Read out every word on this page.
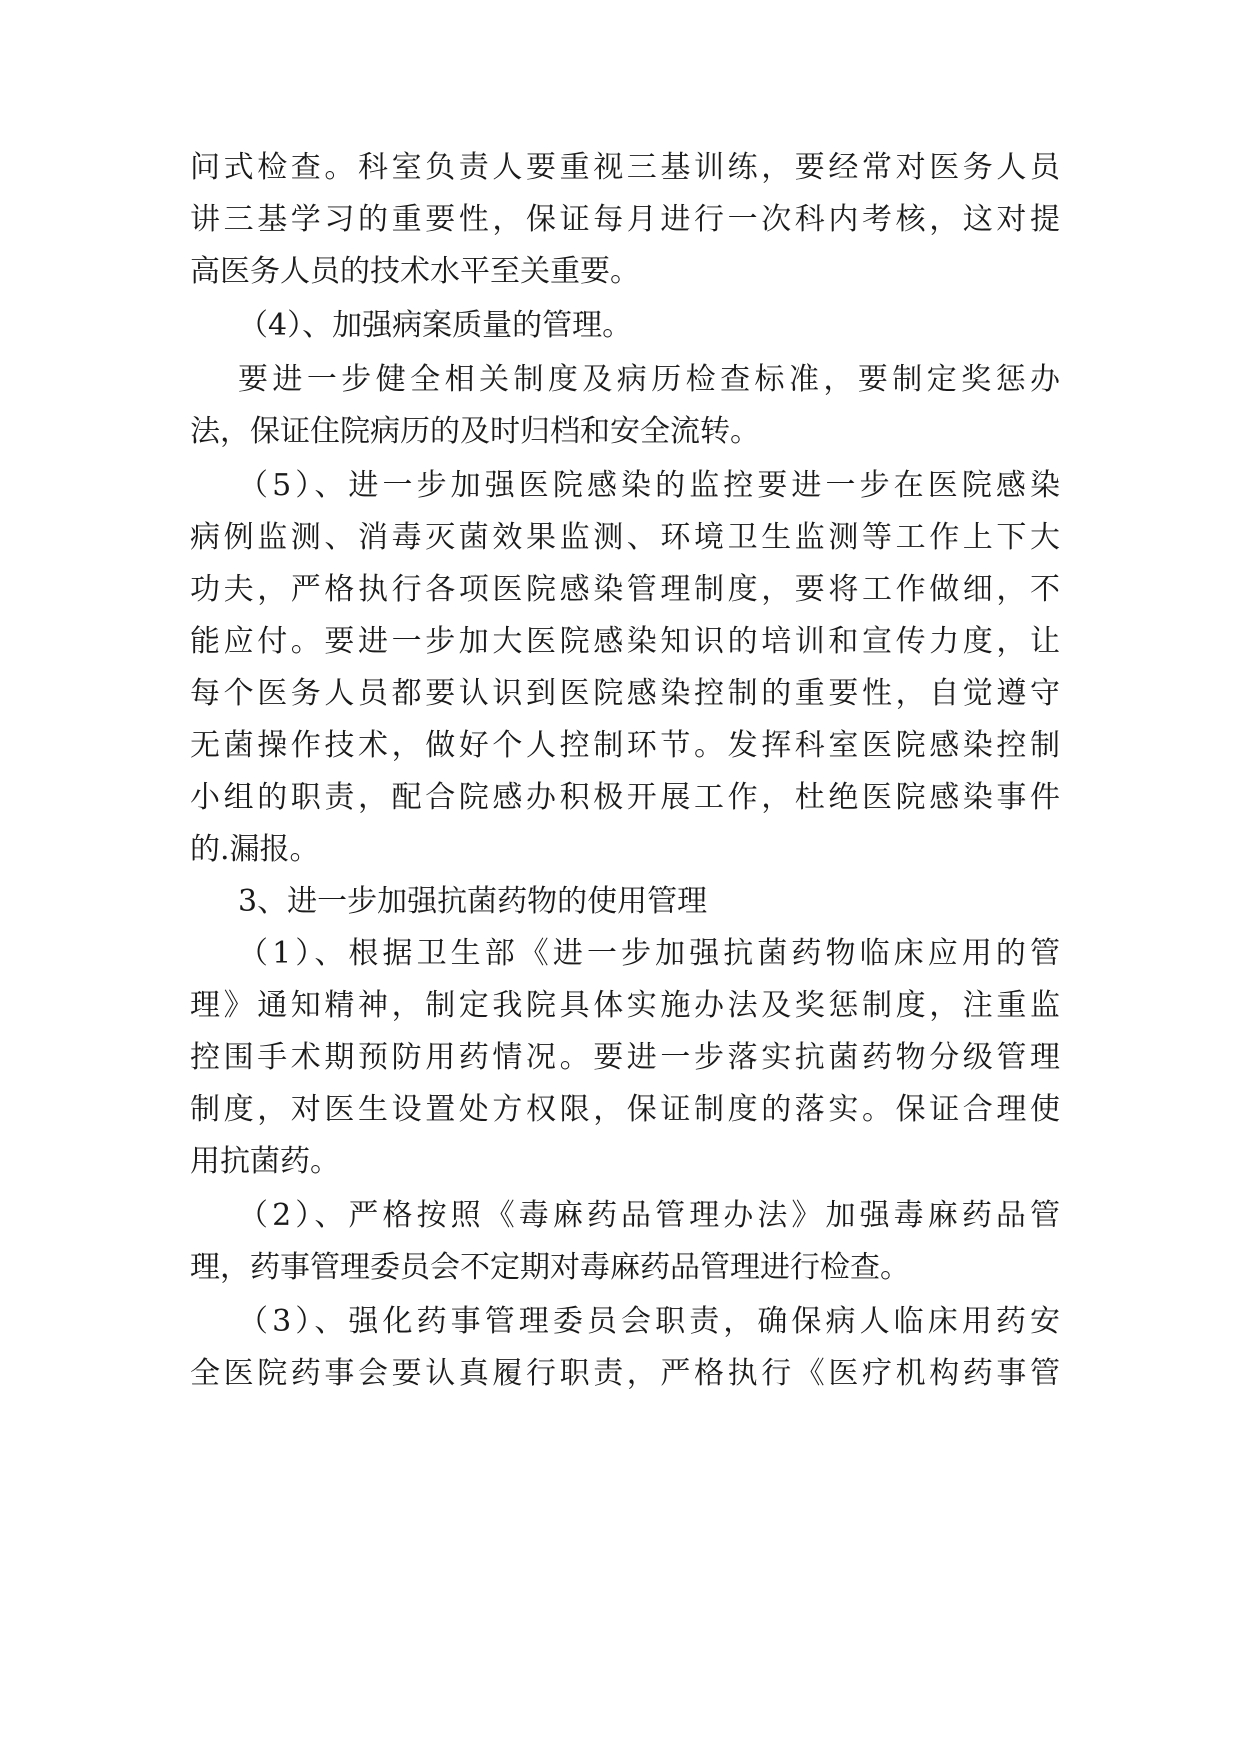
问式检查。科室负责人要重视三基训练，要经常对医务人员
讲三基学习的重要性，保证每月进行一次科内考核，这对提
高医务人员的技术水平至关重要。
（4）、加强病案质量的管理。
要进一步健全相关制度及病历检查标准，要制定奖惩办
法，保证住院病历的及时归档和安全流转。
（5）、进一步加强医院感染的监控要进一步在医院感染
病例监测、消毒灭菌效果监测、环境卫生监测等工作上下大
功夫，严格执行各项医院感染管理制度，要将工作做细，不
能应付。要进一步加大医院感染知识的培训和宣传力度，让
每个医务人员都要认识到医院感染控制的重要性，自觉遵守
无菌操作技术，做好个人控制环节。发挥科室医院感染控制
小组的职责，配合院感办积极开展工作，杜绝医院感染事件
的.漏报。
3、进一步加强抗菌药物的使用管理
（1）、根据卫生部《进一步加强抗菌药物临床应用的管
理》通知精神，制定我院具体实施办法及奖惩制度，注重监
控围手术期预防用药情况。要进一步落实抗菌药物分级管理
制度，对医生设置处方权限，保证制度的落实。保证合理使
用抗菌药。
（2）、严格按照《毒麻药品管理办法》加强毒麻药品管
理，药事管理委员会不定期对毒麻药品管理进行检查。
（3）、强化药事管理委员会职责，确保病人临床用药安
全医院药事会要认真履行职责，严格执行《医疗机构药事管
